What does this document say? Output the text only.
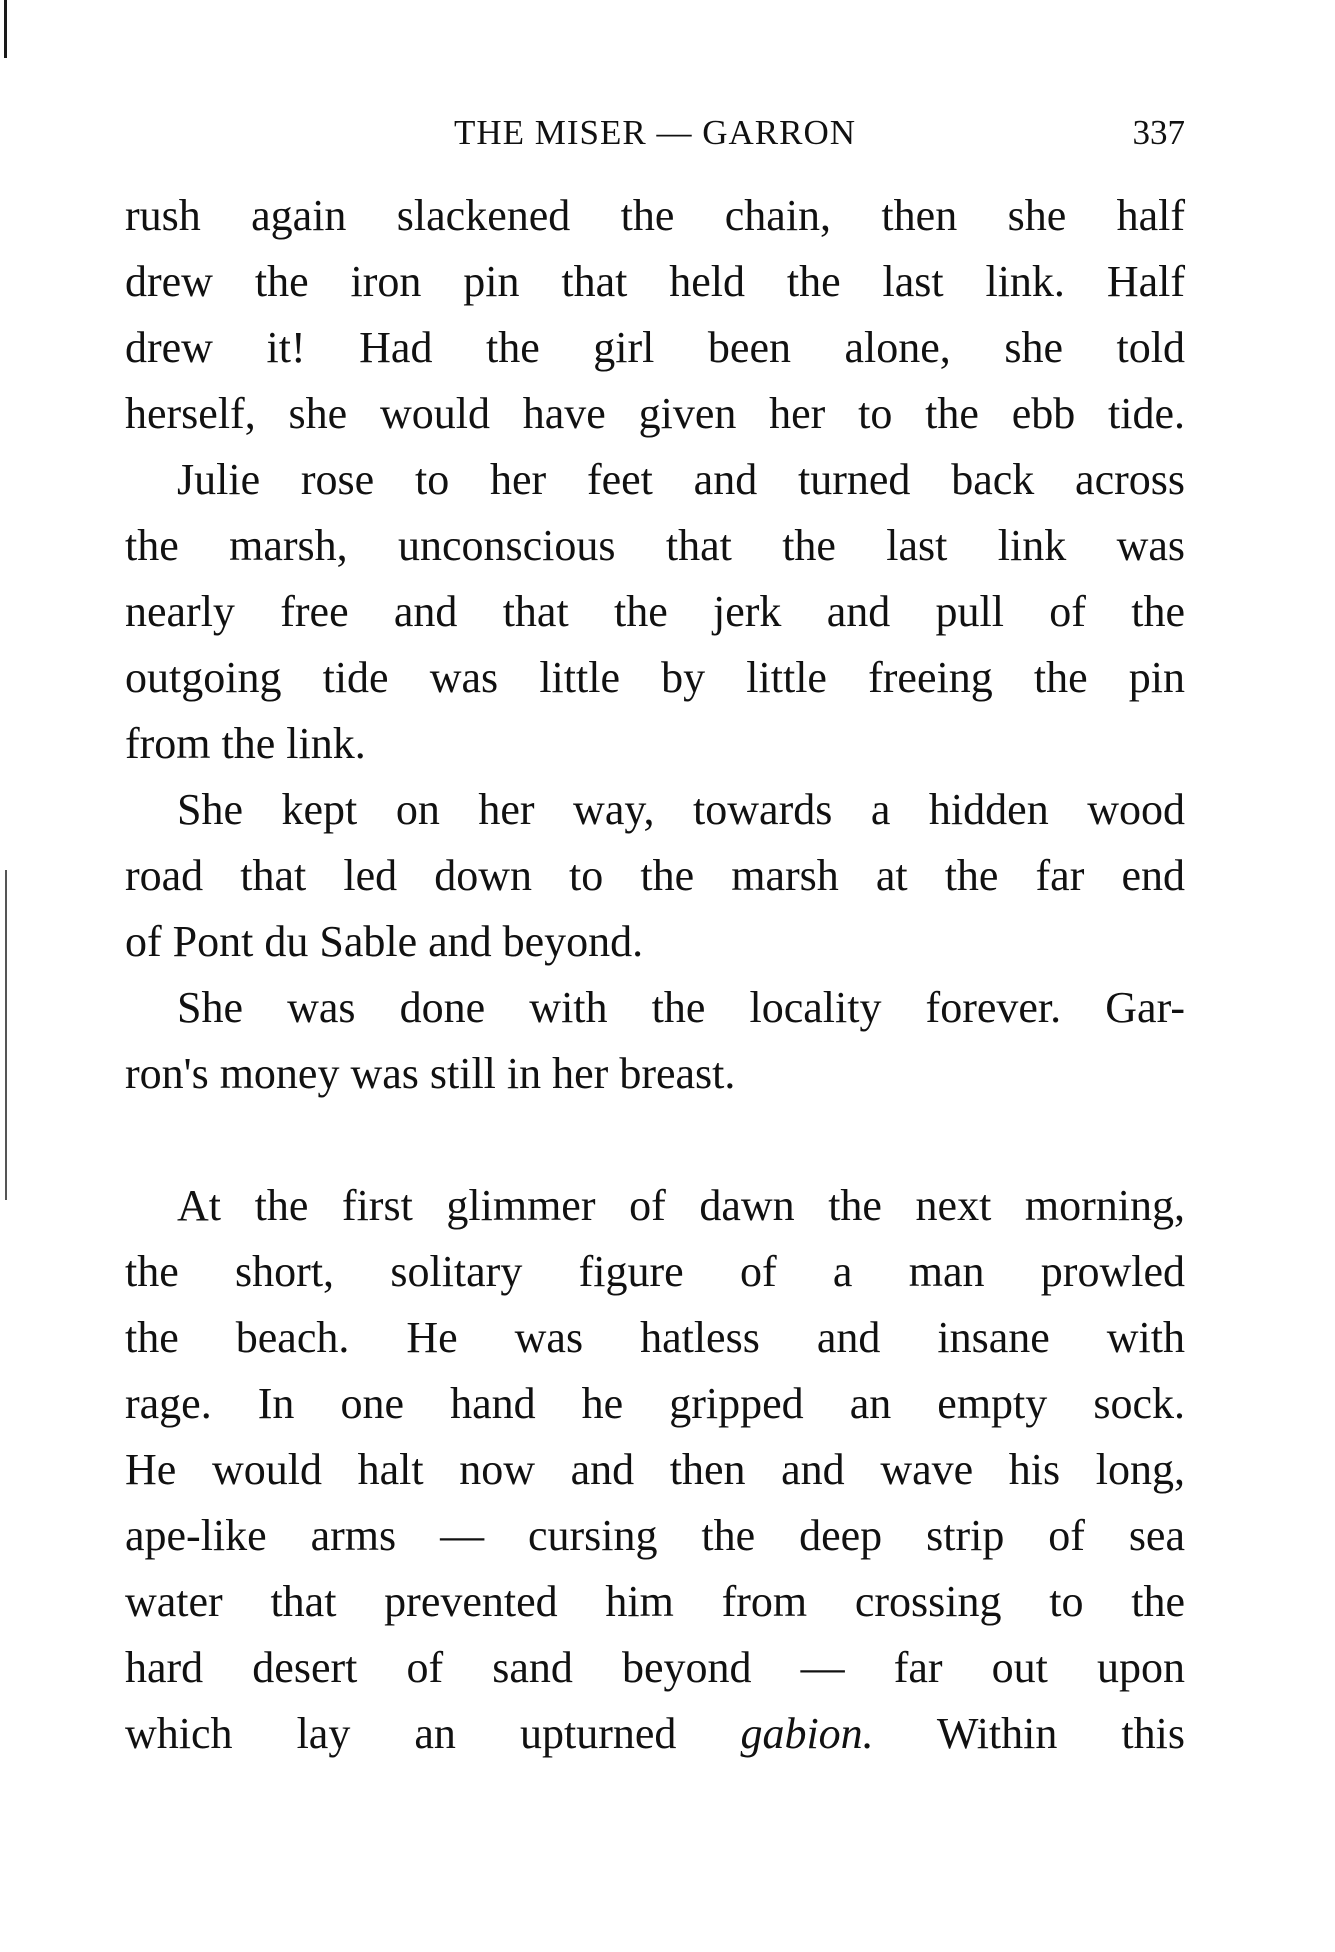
THE MISER — GARRON	337
rush again slackened the chain, then she half
drew the iron pin that held the last link. Half
drew it! Had the girl been alone, she told
herself, she would have given her to the ebb tide.
Julie rose to her feet and turned back across
the marsh, unconscious that the last link was
nearly free and that the jerk and pull of the
outgoing tide was little by little freeing the pin
from the link.
She kept on her way, towards a hidden wood
road that led down to the marsh at the far end
of Pont du Sable and beyond.
She was done with the locality forever. Gar-
ron's money was still in her breast.
At the first glimmer of dawn the next morning,
the short, solitary figure of a man prowled
the beach. He was hatless and insane with
rage. In one hand he gripped an empty sock.
He would halt now and then and wave his long,
ape-like arms — cursing the deep strip of sea
water that prevented him from crossing to the
hard desert of sand beyond — far out upon
which lay an upturned gabion. Within this
